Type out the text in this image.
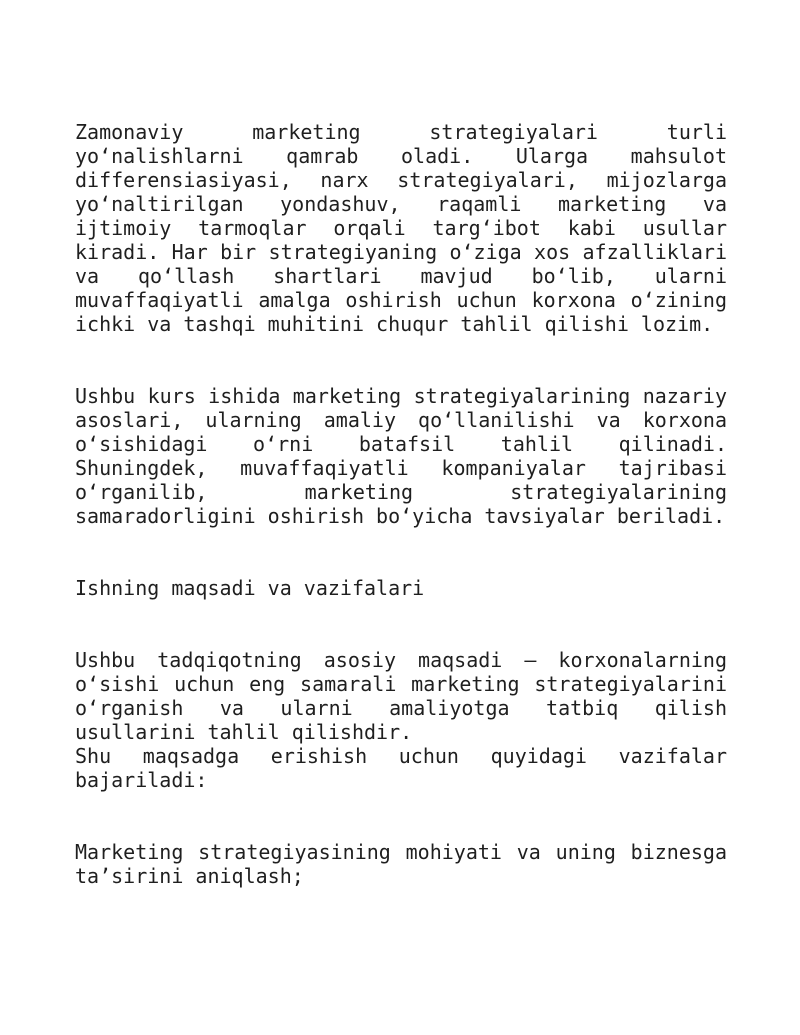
Zamonaviy marketing strategiyalari turli yoʻnalishlarni qamrab oladi. Ularga mahsulot differensiasiyasi, narx strategiyalari, mijozlarga yoʻnaltirilgan yondashuv, raqamli marketing va ijtimoiy tarmoqlar orqali targʻibot kabi usullar kiradi. Har bir strategiyaning oʻziga xos afzalliklari va qoʻllash shartlari mavjud boʻlib, ularni muvaffaqiyatli amalga oshirish uchun korxona oʻzining ichki va tashqi muhitini chuqur tahlil qilishi lozim.

Ushbu kurs ishida marketing strategiyalarining nazariy asoslari, ularning amaliy qoʻllanilishi va korxona oʻsishidagi oʻrni batafsil tahlil qilinadi. Shuningdek, muvaffaqiyatli kompaniyalar tajribasi oʻrganilib, marketing strategiyalarining samaradorligini oshirish boʻyicha tavsiyalar beriladi.

Ishning maqsadi va vazifalari

Ushbu tadqiqotning asosiy maqsadi – korxonalarning oʻsishi uchun eng samarali marketing strategiyalarini oʻrganish va ularni amaliyotga tatbiq qilish usullarini tahlil qilishdir.

Shu maqsadga erishish uchun quyidagi vazifalar bajariladi:

Marketing strategiyasining mohiyati va uning biznesga taʼsirini aniqlash;
